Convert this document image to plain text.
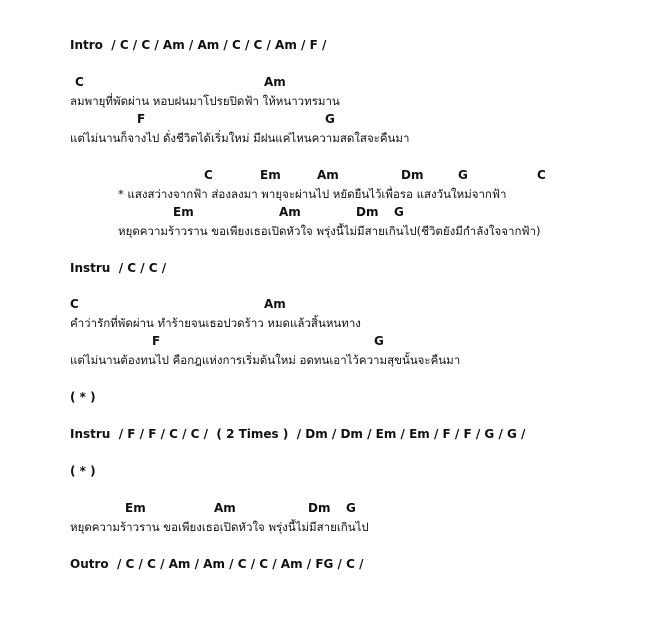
Intro  / C / C / Am / Am / C / C / Am / F /
C	Am
ลมพายุที่พัดผ่าน หอบฝนมาโปรยปิดฟ้า ให้หนาวทรมาน
F	G
แต่ไม่นานก็จางไป ดั่งชีวิตได้เริ่มใหม่ มีฝนแค่ไหนความสดใสจะคืนมา
C	Em	Am	Dm	G	C
* แสงสว่างจากฟ้า ส่องลงมา พายุจะผ่านไป หยัดยืนไว้เพื่อรอ แสงวันใหม่จากฟ้า
Em	Am	Dm G
หยุดความร้าวราน ขอเพียงเธอเปิดหัวใจ พรุ่งนี้ไม่มีสายเกินไป(ชีวิตยังมีกำลังใจจากฟ้า)
Instru  / C / C /
C	Am
คำว่ารักที่พัดผ่าน ทำร้ายจนเธอปวดร้าว หมดแล้วสิ้นหนทาง
F	G
แต่ไม่นานต้องทนไป คือกฎแห่งการเริ่มต้นใหม่ อดทนเอาไว้ความสุขนั้นจะคืนมา
( * )
Instru  / F / F / C / C /  ( 2 Times )  / Dm / Dm / Em / Em / F / F / G / G /
( * )
Em	Am	Dm G
หยุดความร้าวราน ขอเพียงเธอเปิดหัวใจ พรุ่งนี้ไม่มีสายเกินไป
Outro  / C / C / Am / Am / C / C / Am / FG / C /
